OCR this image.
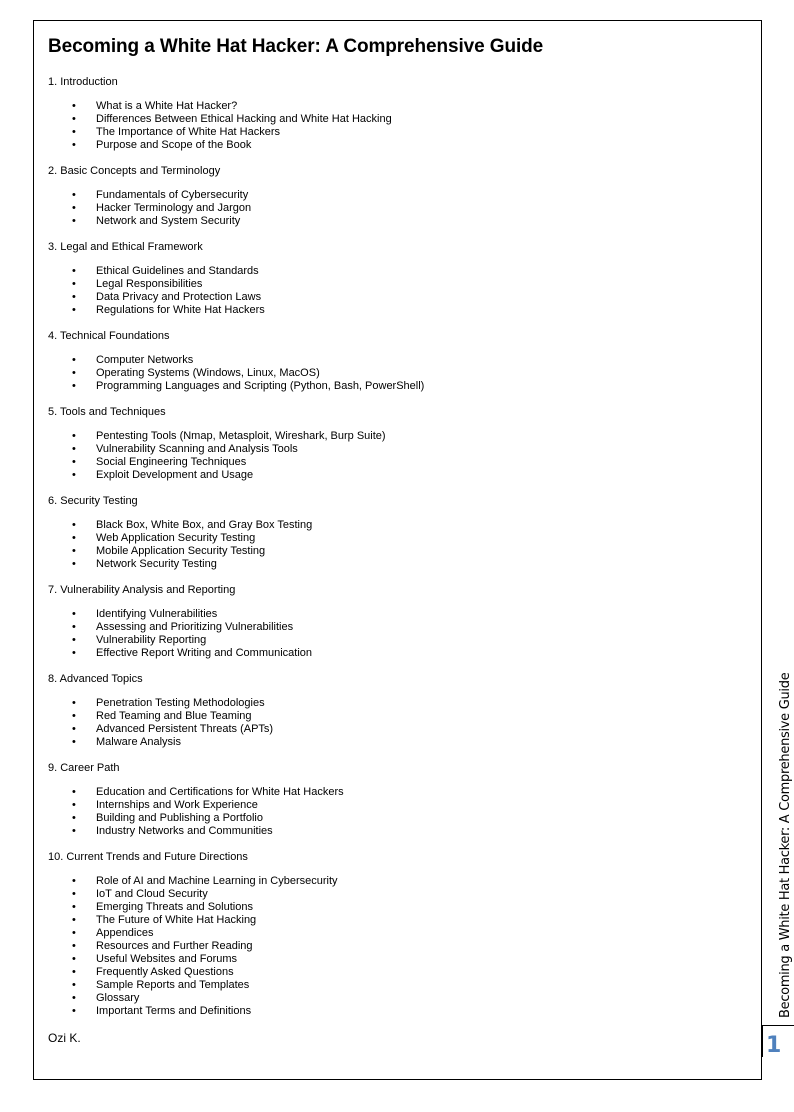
Becoming a White Hat Hacker: A Comprehensive Guide
1. Introduction
• What is a White Hat Hacker?
• Differences Between Ethical Hacking and White Hat Hacking
• The Importance of White Hat Hackers
• Purpose and Scope of the Book
2. Basic Concepts and Terminology
• Fundamentals of Cybersecurity
• Hacker Terminology and Jargon
• Network and System Security
3. Legal and Ethical Framework
• Ethical Guidelines and Standards
• Legal Responsibilities
• Data Privacy and Protection Laws
• Regulations for White Hat Hackers
4. Technical Foundations
• Computer Networks
• Operating Systems (Windows, Linux, MacOS)
• Programming Languages and Scripting (Python, Bash, PowerShell)
5. Tools and Techniques
• Pentesting Tools (Nmap, Metasploit, Wireshark, Burp Suite)
• Vulnerability Scanning and Analysis Tools
• Social Engineering Techniques
• Exploit Development and Usage
6. Security Testing
• Black Box, White Box, and Gray Box Testing
• Web Application Security Testing
• Mobile Application Security Testing
• Network Security Testing
7. Vulnerability Analysis and Reporting
• Identifying Vulnerabilities
• Assessing and Prioritizing Vulnerabilities
• Vulnerability Reporting
• Effective Report Writing and Communication
8. Advanced Topics
• Penetration Testing Methodologies
• Red Teaming and Blue Teaming
• Advanced Persistent Threats (APTs)
• Malware Analysis
9. Career Path
• Education and Certifications for White Hat Hackers
• Internships and Work Experience
• Building and Publishing a Portfolio
• Industry Networks and Communities
10. Current Trends and Future Directions
• Role of AI and Machine Learning in Cybersecurity
• IoT and Cloud Security
• Emerging Threats and Solutions
• The Future of White Hat Hacking
• Appendices
• Resources and Further Reading
• Useful Websites and Forums
• Frequently Asked Questions
• Sample Reports and Templates
• Glossary
• Important Terms and Definitions
Ozi K.
Becoming a White Hat Hacker: A Comprehensive Guide
1
